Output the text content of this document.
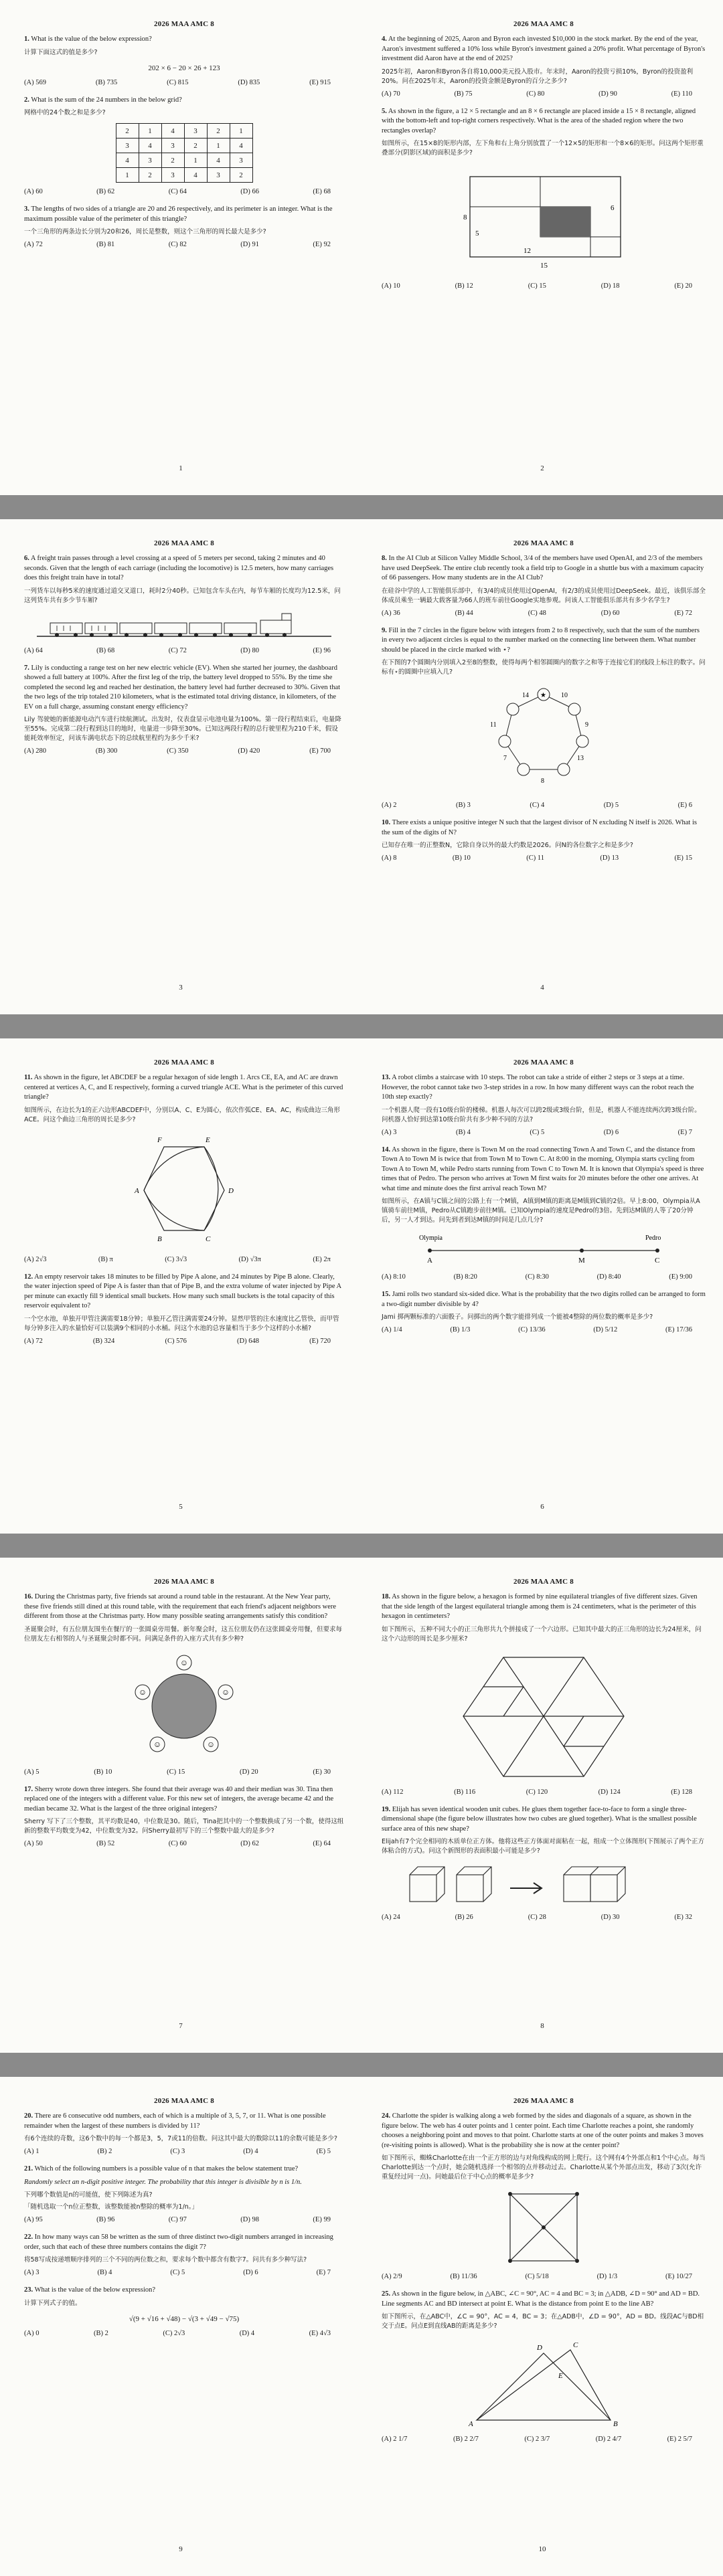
2026 MAA AMC 8
1. What is the value of the below expression?
计算下面这式的值是多少?
202 × 6 − 20 × 26 + 123
(A) 569	(B) 735	(C) 815	(D) 835	(E) 915
2. What is the sum of the 24 numbers in the below grid?
网格中的24个数之和是多少?
2	1	4	3	2	1
3	4	3	2	1	4
4	3	2	1	4	3
1	2	3	4	3	2
(A) 60	(B) 62	(C) 64	(D) 66	(E) 68
3. The lengths of two sides of a triangle are 20 and 26 respectively, and its perimeter is an integer. What is the maximum possible value of the perimeter of this triangle?
一个三角形的两条边长分别为20和26，周长是整数，则这个三角形的周长最大是多少?
(A) 72	(B) 81	(C) 82	(D) 91	(E) 92
1
2026 MAA AMC 8
4. At the beginning of 2025, Aaron and Byron each invested $10,000 in the stock market. By the end of the year, Aaron's investment suffered a 10% loss while Byron's investment gained a 20% profit. What percentage of Byron's investment did Aaron have at the end of 2025?
2025年初，Aaron和Byron各自将10,000美元投入股市。年末时，Aaron的投资亏损10%，Byron的投资盈利20%。问在2025年末，Aaron的投资金额是Byron的百分之多少?
(A) 70	(B) 75	(C) 80	(D) 90	(E) 110
5. As shown in the figure, a 12 × 5 rectangle and an 8 × 6 rectangle are placed inside a 15 × 8 rectangle, aligned with the bottom-left and top-right corners respectively. What is the area of the shaded region where the two rectangles overlap?
如图所示，在15×8的矩形内部，左下角和右上角分别放置了一个12×5的矩形和一个8×6的矩形。问这两个矩形重叠部分(阴影区域)的面积是多少?
8
6
5
12
15
(A) 10	(B) 12	(C) 15	(D) 18	(E) 20
2
2026 MAA AMC 8
6. A freight train passes through a level crossing at a speed of 5 meters per second, taking 2 minutes and 40 seconds. Given that the length of each carriage (including the locomotive) is 12.5 meters, how many carriages does this freight train have in total?
一列货车以每秒5米的速度通过道交叉道口，耗时2分40秒。已知包含车头在内，每节车厢的长度均为12.5米，问这列货车共有多少节车厢?
(A) 64	(B) 68	(C) 72	(D) 80	(E) 96
7. Lily is conducting a range test on her new electric vehicle (EV). When she started her journey, the dashboard showed a full battery at 100%. After the first leg of the trip, the battery level dropped to 55%. By the time she completed the second leg and reached her destination, the battery level had further decreased to 30%. Given that the two legs of the trip totaled 210 kilometers, what is the estimated total driving distance, in kilometers, of the EV on a full charge, assuming constant energy efficiency?
Lily 驾驶她的新能源电动汽车进行续航测试。出发时，仪表盘显示电池电量为100%。第一段行程结束后，电量降至55%。完成第二段行程到达目的地时，电量进一步降至30%。已知这两段行程的总行驶里程为210千米，假设能耗效率恒定，问该车满电状态下的总续航里程约为多少千米?
(A) 280	(B) 300	(C) 350	(D) 420	(E) 700
3
2026 MAA AMC 8
8. In the AI Club at Silicon Valley Middle School, 3/4 of the members have used OpenAI, and 2/3 of the members have used DeepSeek. The entire club recently took a field trip to Google in a shuttle bus with a maximum capacity of 66 passengers. How many students are in the AI Club?
在硅谷中学的人工智能俱乐部中，有3/4的成员使用过OpenAI，有2/3的成员使用过DeepSeek。最近，该俱乐部全体成员乘坐一辆最大载客量为66人的班车前往Google实地参观。问该人工智能俱乐部共有多少名学生?
(A) 36	(B) 44	(C) 48	(D) 60	(E) 72
9. Fill in the 7 circles in the figure below with integers from 2 to 8 respectively, such that the sum of the numbers in every two adjacent circles is equal to the number marked on the connecting line between them. What number should be placed in the circle marked with ⋆?
在下图的7个圆圈内分别填入2至8的整数，使得每两个相邻圆圈内的数字之和等于连接它们的线段上标注的数字。问标有⋆的圆圈中应填入几?
★
14	10
11	9
7	13
8
(A) 2	(B) 3	(C) 4	(D) 5	(E) 6
10. There exists a unique positive integer N such that the largest divisor of N excluding N itself is 2026. What is the sum of the digits of N?
已知存在唯一的正整数N，它除自身以外的最大约数是2026。问N的各位数字之和是多少?
(A) 8	(B) 10	(C) 11	(D) 13	(E) 15
4
2026 MAA AMC 8
11. As shown in the figure, let ABCDEF be a regular hexagon of side length 1. Arcs CE, EA, and AC are drawn centered at vertices A, C, and E respectively, forming a curved triangle ACE. What is the perimeter of this curved triangle?
如图所示，在边长为1的正六边形ABCDEF中，分别以A、C、E为圆心，依次作弧CE、EA、AC，构成曲边三角形ACE。问这个曲边三角形的周长是多少?
F	E
A	D
B	C
(A) 2√3	(B) π	(C) 3√3	(D) √3π	(E) 2π
12. An empty reservoir takes 18 minutes to be filled by Pipe A alone, and 24 minutes by Pipe B alone. Clearly, the water injection speed of Pipe A is faster than that of Pipe B, and the extra volume of water injected by Pipe A per minute can exactly fill 9 identical small buckets. How many such small buckets is the total capacity of this reservoir equivalent to?
一个空水池，单独开甲管注满需要18分钟；单独开乙管注满需要24分钟。显然甲管的注水速度比乙管快，而甲管每分钟多注入的水量恰好可以装满9个相同的小水桶。问这个水池的总容量相当于多少个这样的小水桶?
(A) 72	(B) 324	(C) 576	(D) 648	(E) 720
5
2026 MAA AMC 8
13. A robot climbs a staircase with 10 steps. The robot can take a stride of either 2 steps or 3 steps at a time. However, the robot cannot take two 3-step strides in a row. In how many different ways can the robot reach the 10th step exactly?
一个机器人爬一段有10级台阶的楼梯。机器人每次可以跨2级或3级台阶，但是，机器人不能连续两次跨3级台阶。问机器人恰好到达第10级台阶共有多少种不同的方法?
(A) 3	(B) 4	(C) 5	(D) 6	(E) 7
14. As shown in the figure, there is Town M on the road connecting Town A and Town C, and the distance from Town A to Town M is twice that from Town M to Town C. At 8:00 in the morning, Olympia starts cycling from Town A to Town M, while Pedro starts running from Town C to Town M. It is known that Olympia's speed is three times that of Pedro. The person who arrives at Town M first waits for 20 minutes before the other one arrives. At what time and minute does the first arrival reach Town M?
如图所示，在A镇与C镇之间的公路上有一个M镇，A镇到M镇的距离是M镇到C镇的2倍。早上8:00，Olympia从A镇骑车前往M镇，Pedro从C镇跑步前往M镇。已知Olympia的速度是Pedro的3倍。先到达M镇的人等了20分钟后，另一人才到达。问先到者到达M镇的时间是几点几分?
Olympia	Pedro
A	M	C
(A) 8:10	(B) 8:20	(C) 8:30	(D) 8:40	(E) 9:00
15. Jami rolls two standard six-sided dice. What is the probability that the two digits rolled can be arranged to form a two-digit number divisible by 4?
Jami 掷两颗标准的六面骰子。问掷出的两个数字能排列成一个能被4整除的两位数的概率是多少?
(A) 1/4	(B) 1/3	(C) 13/36	(D) 5/12	(E) 17/36
6
2026 MAA AMC 8
16. During the Christmas party, five friends sat around a round table in the restaurant. At the New Year party, these five friends still dined at this round table, with the requirement that each friend's adjacent neighbors were different from those at the Christmas party. How many possible seating arrangements satisfy this condition?
圣诞聚会时，有五位朋友围坐在餐厅的一张圆桌旁用餐。新年聚会时，这五位朋友仍在这张圆桌旁用餐，但要求每位朋友左右相邻的人与圣诞聚会时都不同。问满足条件的入座方式共有多少种?
☺
☺
☺
☺
☺
(A) 5	(B) 10	(C) 15	(D) 20	(E) 30
17. Sherry wrote down three integers. She found that their average was 40 and their median was 30. Tina then replaced one of the integers with a different value. For this new set of integers, the average became 42 and the median became 32. What is the largest of the three original integers?
Sherry 写下了三个整数，其平均数是40，中位数是30。随后，Tina把其中的一个整数换成了另一个数，使得这组新的整数平均数变为42，中位数变为32。问Sherry最初写下的三个整数中最大的是多少?
(A) 50	(B) 52	(C) 60	(D) 62	(E) 64
7
2026 MAA AMC 8
18. As shown in the figure below, a hexagon is formed by nine equilateral triangles of five different sizes. Given that the side length of the largest equilateral triangle among them is 24 centimeters, what is the perimeter of this hexagon in centimeters?
如下图所示，五种不同大小的正三角形共九个拼接成了一个六边形。已知其中最大的正三角形的边长为24厘米，问这个六边形的周长是多少厘米?
(A) 112	(B) 116	(C) 120	(D) 124	(E) 128
19. Elijah has seven identical wooden unit cubes. He glues them together face-to-face to form a single three-dimensional shape (the figure below illustrates how two cubes are glued together). What is the smallest possible surface area of this new shape?
Elijah有7个完全相同的木质单位正方体。他将这些正方体面对面粘在一起，组成一个立体图形(下图展示了两个正方体粘合的方式)。问这个新图形的表面积最小可能是多少?
(A) 24	(B) 26	(C) 28	(D) 30	(E) 32
8
2026 MAA AMC 8
20. There are 6 consecutive odd numbers, each of which is a multiple of 3, 5, 7, or 11. What is one possible remainder when the largest of these numbers is divided by 11?
有6个连续的奇数，这6个数中的每一个都是3，5，7或11的倍数。问这其中最大的数除以11的余数可能是多少?
(A) 1	(B) 2	(C) 3	(D) 4	(E) 5
21. Which of the following numbers is a possible value of n that makes the below statement true?
Randomly select an n-digit positive integer. The probability that this integer is divisible by n is 1/n.
下列哪个数值是n的可能值，使下列陈述为真?
「随机选取一个n位正整数，该整数能被n整除的概率为1/n。」
(A) 95	(B) 96	(C) 97	(D) 98	(E) 99
22. In how many ways can 58 be written as the sum of three distinct two-digit numbers arranged in increasing order, such that each of these three numbers contains the digit 7?
将58写成按递增顺序排列的三个不同的两位数之和，要求每个数中都含有数字7。问共有多少种写法?
(A) 3	(B) 4	(C) 5	(D) 6	(E) 7
23. What is the value of the below expression?
计算下列式子的值。
√(9 + √16 + √48) − √(3 + √49 − √75)
(A) 0	(B) 2	(C) 2√3	(D) 4	(E) 4√3
9
2026 MAA AMC 8
24. Charlotte the spider is walking along a web formed by the sides and diagonals of a square, as shown in the figure below. The web has 4 outer points and 1 center point. Each time Charlotte reaches a point, she randomly chooses a neighboring point and moves to that point. Charlotte starts at one of the outer points and makes 3 moves (re-visiting points is allowed). What is the probability she is now at the center point?
如下图所示，蜘蛛Charlotte在由一个正方形的边与对角线构成的网上爬行。这个网有4个外部点和1个中心点。每当Charlotte到达一个点时，她会随机选择一个相邻的点并移动过去。Charlotte从某个外部点出发，移动了3次(允许重复经过同一点)。问她最后位于中心点的概率是多少?
(A) 2/9	(B) 11/36	(C) 5/18	(D) 1/3	(E) 10/27
25. As shown in the figure below, in △ABC, ∠C = 90°, AC = 4 and BC = 3; in △ADB, ∠D = 90° and AD = BD. Line segments AC and BD intersect at point E. What is the distance from point E to the line AB?
如下图所示，在△ABC中，∠C = 90°，AC = 4，BC = 3；在△ADB中，∠D = 90°，AD = BD。线段AC与BD相交于点E。问点E到直线AB的距离是多少?
C
D
E
A	B
(A) 2 1/7	(B) 2 2/7	(C) 2 3/7	(D) 2 4/7	(E) 2 5/7
10
